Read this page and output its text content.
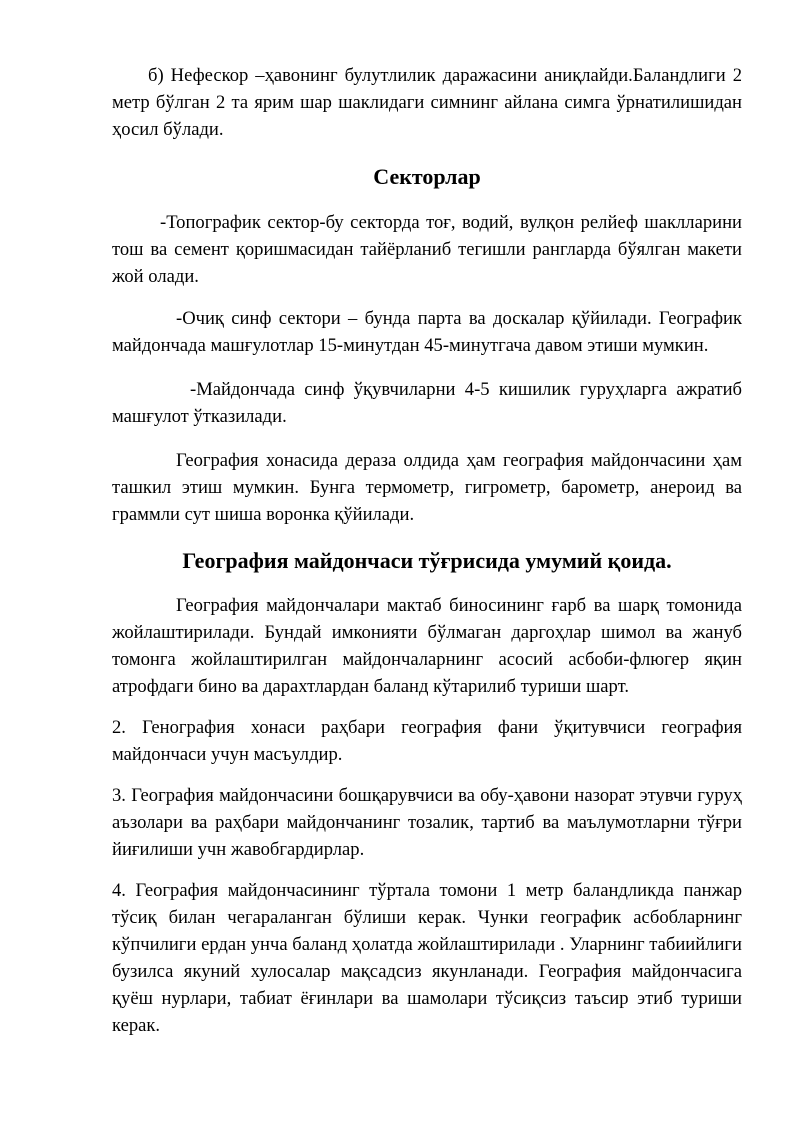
б) Нефескор –ҳавонинг булутлилик даражасини аниқлайди.Баландлиги 2 метр бўлган 2 та ярим шар шаклидаги симнинг айлана симга ўрнатилишидан ҳосил бўлади.

Секторлар

-Топографик сектор-бу секторда тоғ, водий, вулқон релйеф шаклларини тош ва семент қоришмасидан тайёрланиб тегишли рангларда бўялган макети жой олади.

-Очиқ синф сектори – бунда парта ва доскалар қўйилади. Географик майдончада машғулотлар 15-минутдан 45-минутгача давом этиши мумкин.

-Майдончада синф ўқувчиларни 4-5 кишилик гуруҳларга ажратиб машғулот ўтказилади.

География хонасида дераза олдида ҳам география майдончасини ҳам ташкил этиш мумкин. Бунга термометр, гигрометр, барометр, анероид ва граммли сут шиша воронка қўйилади.

География майдончаси тўғрисида умумий қоида.

География майдончалари мактаб биносининг ғарб ва шарқ томонида жойлаштирилади. Бундай имконияти бўлмаган даргоҳлар шимол ва жануб томонга жойлаштирилган майдончаларнинг асосий асбоби-флюгер яқин атрофдаги бино ва дарахтлардан баланд кўтарилиб туриши шарт.

2. Генография хонаси раҳбари география фани ўқитувчиси география майдончаси учун масъулдир.

3. География майдончасини бошқарувчиси ва обу-ҳавони назорат этувчи гуруҳ аъзолари ва раҳбари майдончанинг тозалик, тартиб ва маълумотларни тўғри йиғилиши учн жавобгардирлар.

4. География майдончасининг тўртала томони 1 метр баландликда панжар тўсиқ билан чегараланган бўлиши керак. Чунки географик асбобларнинг кўпчилиги ердан унча баланд ҳолатда жойлаштирилади . Уларнинг табиийлиги бузилса якуний хулосалар мақсадсиз якунланади. География майдончасига қуёш нурлари, табиат ёғинлари ва шамолари тўсиқсиз таъсир этиб туриши керак.
